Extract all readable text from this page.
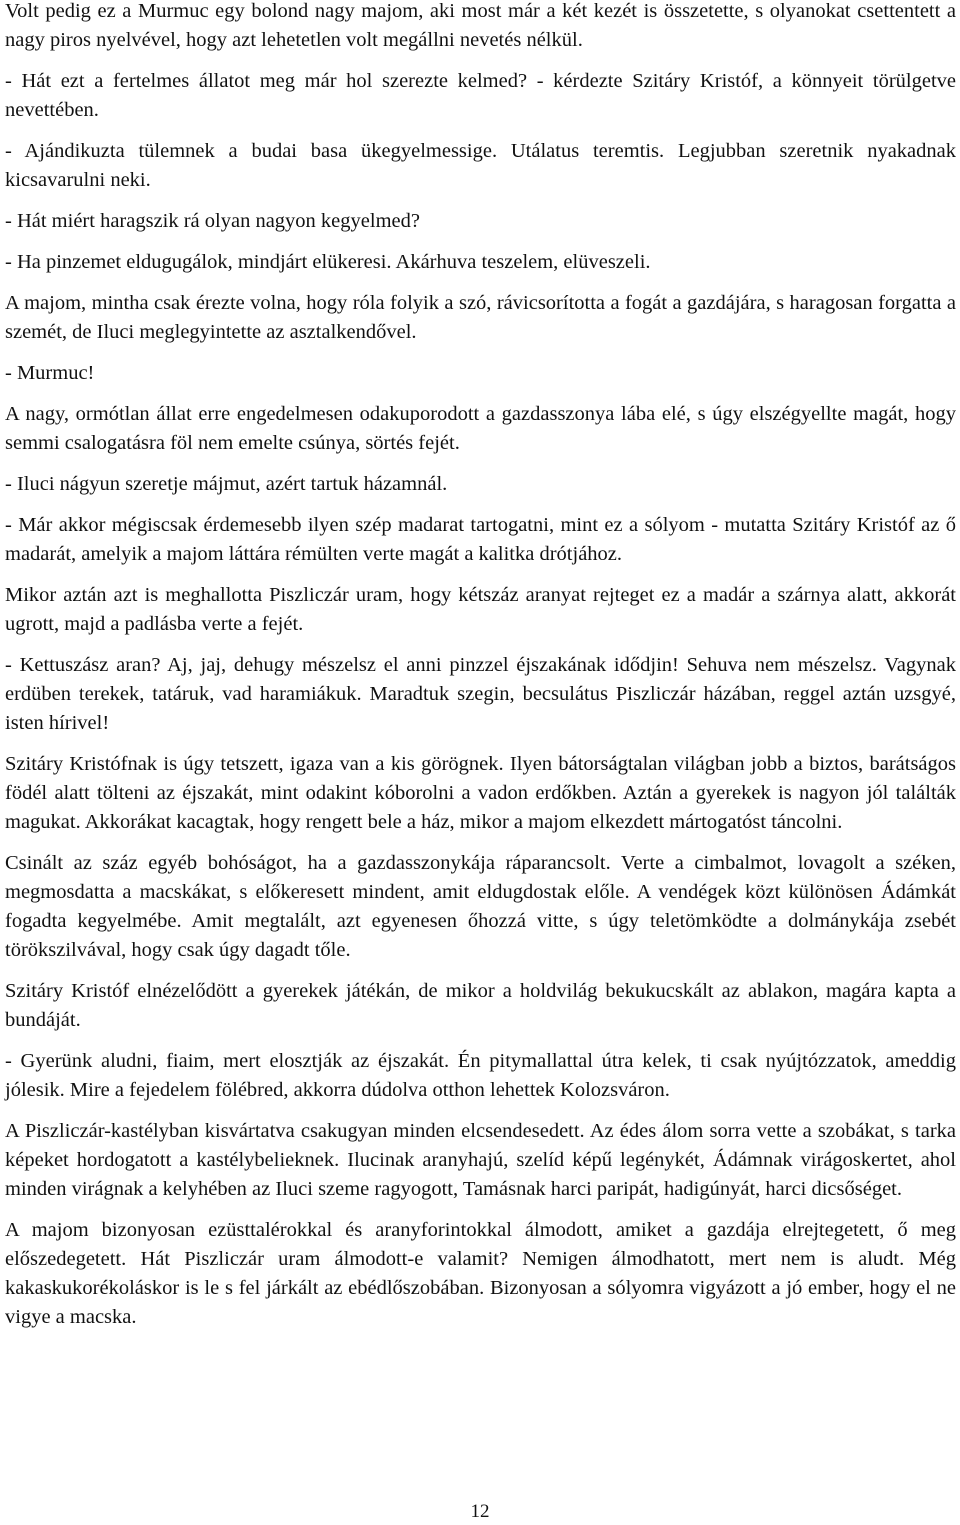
Volt pedig ez a Murmuc egy bolond nagy majom, aki most már a két kezét is összetette, s olyanokat csettentett a nagy piros nyelvével, hogy azt lehetetlen volt megállni nevetés nélkül.

- Hát ezt a fertelmes állatot meg már hol szerezte kelmed? - kérdezte Szitáry Kristóf, a könnyeit törülgetve nevettében.

- Ajándikuzta tülemnek a budai basa ükegyelmessige. Utálatus teremtis. Legjubban szeretnik nyakadnak kicsavarulni neki.

- Hát miért haragszik rá olyan nagyon kegyelmed?

- Ha pinzemet eldugugálok, mindjárt elükeresi. Akárhuva teszelem, elüveszeli.

A majom, mintha csak érezte volna, hogy róla folyik a szó, rávicsorította a fogát a gazdájára, s haragosan forgatta a szemét, de Iluci meglegyintette az asztalkendővel.

- Murmuc!

A nagy, ormótlan állat erre engedelmesen odakuporodott a gazdasszonya lába elé, s úgy elszégyellte magát, hogy semmi csalogatásra föl nem emelte csúnya, sörtés fejét.

- Iluci nágyun szeretje májmut, azért tartuk házamnál.

- Már akkor mégiscsak érdemesebb ilyen szép madarat tartogatni, mint ez a sólyom - mutatta Szitáry Kristóf az ő madarát, amelyik a majom láttára rémülten verte magát a kalitka drótjához.

Mikor aztán azt is meghallotta Piszliczár uram, hogy kétszáz aranyat rejteget ez a madár a szárnya alatt, akkorát ugrott, majd a padlásba verte a fejét.

- Kettuszász aran? Aj, jaj, dehugy mészelsz el anni pinzzel éjszakának idődjin! Sehuva nem mészelsz. Vagynak erdüben terekek, tatáruk, vad haramiákuk. Maradtuk szegin, becsulátus Piszliczár házában, reggel aztán uzsgyé, isten hírivel!

Szitáry Kristófnak is úgy tetszett, igaza van a kis görögnek. Ilyen bátorságtalan világban jobb a biztos, barátságos födél alatt tölteni az éjszakát, mint odakint kóborolni a vadon erdőkben. Aztán a gyerekek is nagyon jól találták magukat. Akkorákat kacagtak, hogy rengett bele a ház, mikor a majom elkezdett mártogatóst táncolni.

Csinált az száz egyéb bohóságot, ha a gazdasszonykája ráparancsolt. Verte a cimbalmot, lovagolt a széken, megmosdatta a macskákat, s előkeresett mindent, amit eldugdostak előle. A vendégek közt különösen Ádámkát fogadta kegyelmébe. Amit megtalált, azt egyenesen őhozzá vitte, s úgy teletömködte a dolmánykája zsebét törökszilvával, hogy csak úgy dagadt tőle.

Szitáry Kristóf elnézelődött a gyerekek játékán, de mikor a holdvilág bekukucskált az ablakon, magára kapta a bundáját.

- Gyerünk aludni, fiaim, mert elosztják az éjszakát. Én pitymallattal útra kelek, ti csak nyújtózzatok, ameddig jólesik. Mire a fejedelem fölébred, akkorra dúdolva otthon lehettek Kolozsváron.

A Piszliczár-kastélyban kisvártatva csakugyan minden elcsendesedett. Az édes álom sorra vette a szobákat, s tarka képeket hordogatott a kastélybelieknek. Ilucinak aranyhajú, szelíd képű legénykét, Ádámnak virágoskertet, ahol minden virágnak a kelyhében az Iluci szeme ragyogott, Tamásnak harci paripát, hadigúnyát, harci dicsőséget.

A majom bizonyosan ezüsttalérokkal és aranyforintokkal álmodott, amiket a gazdája elrejtegetett, ő meg előszedegetett. Hát Piszliczár uram álmodott-e valamit? Nemigen álmodhatott, mert nem is aludt. Még kakaskukorékoláskor is le s fel járkált az ebédlőszobában. Bizonyosan a sólyomra vigyázott a jó ember, hogy el ne vigye a macska.

12
